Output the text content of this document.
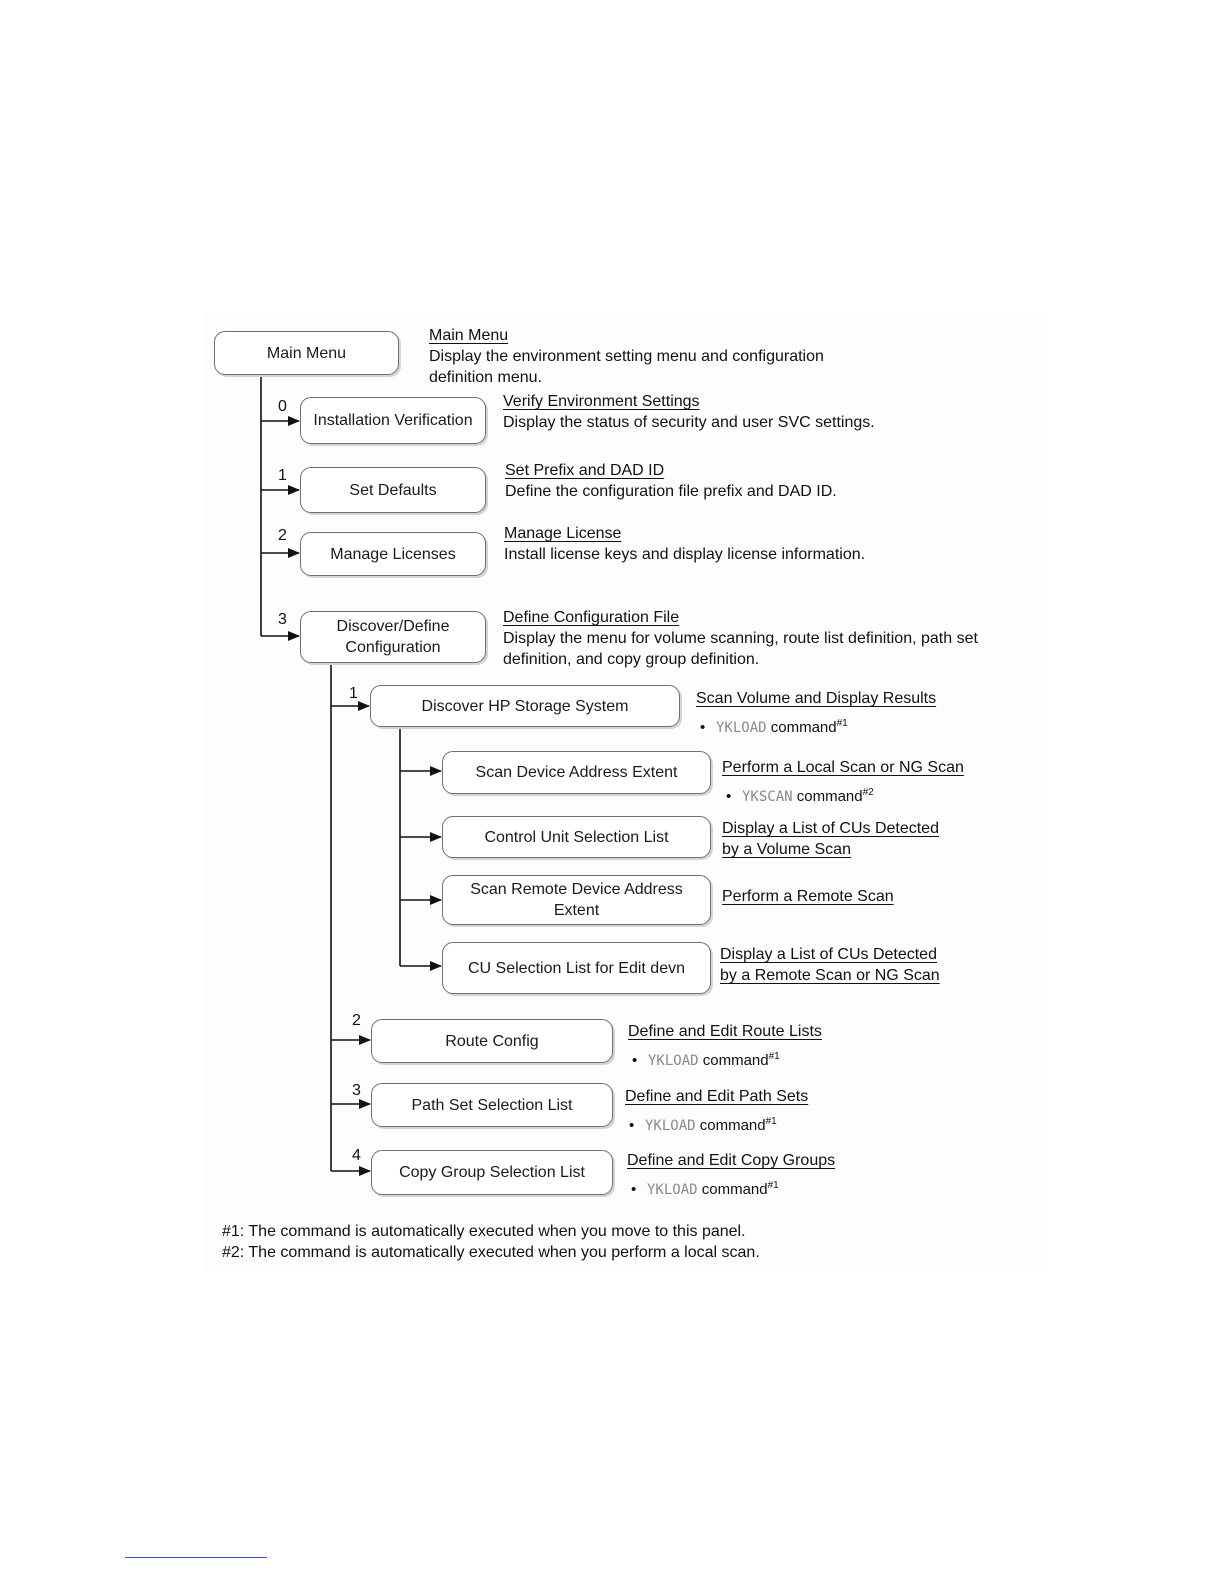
Main Menu
Main Menu
Display the environment setting menu and configuration
definition menu.
0
Installation Verification
Verify Environment Settings
Display the status of security and user SVC settings.
1
Set Defaults
Set Prefix and DAD ID
Define the configuration file prefix and DAD ID.
2
Manage Licenses
Manage License
Install license keys and display license information.
3	Discover/Define
Configuration
Define Configuration File
Display the menu for volume scanning, route list definition, path set
definition, and copy group definition.
1
Discover HP Storage System	Scan Volume and Display Results
• YKLOAD command$^{\#1}$
Scan Device Address Extent	Perform a Local Scan or NG Scan
• YKSCAN command$^{\#2}$
Control Unit Selection List	Display a List of CUs Detected
by a Volume Scan
Scan Remote Device Address
Extent
Perform a Remote Scan
CU Selection List for Edit devn
Display a List of CUs Detected
by a Remote Scan or NG Scan
2
Route Config
Define and Edit Route Lists
• YKLOAD command$^{\#1}$
3
Path Set Selection List	Define and Edit Path Sets
• YKLOAD command$^{\#1}$
4
Copy Group Selection List
Define and Edit Copy Groups
• YKLOAD command$^{\#1}$
#1: The command is automatically executed when you move to this panel.
#2: The command is automatically executed when you perform a local scan.
